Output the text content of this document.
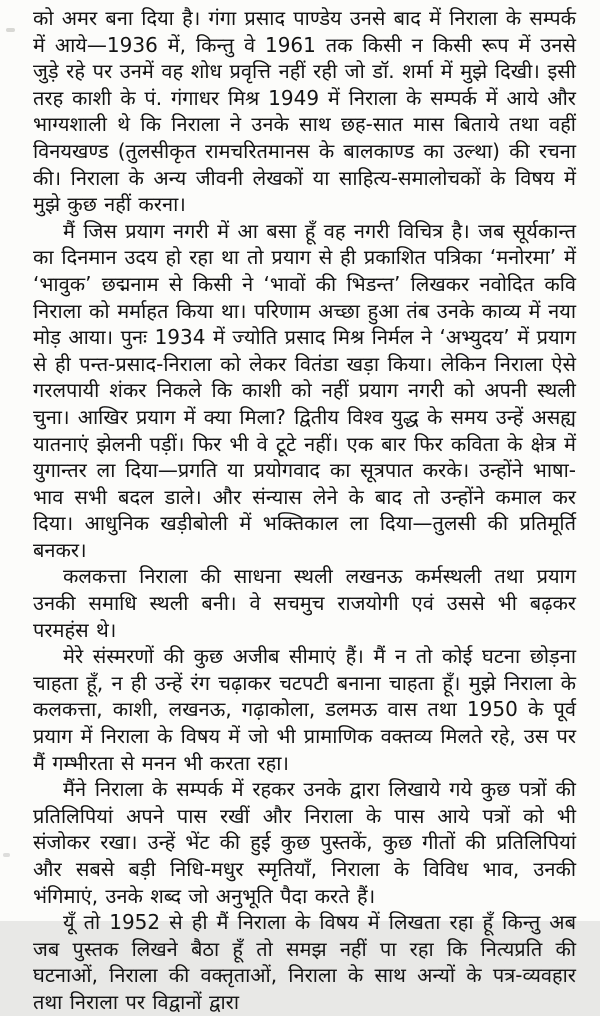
को अमर बना दिया है। गंगा प्रसाद पाण्डेय उनसे बाद में निराला के सम्पर्क में आये—1936 में, किन्तु वे 1961 तक किसी न किसी रूप में उनसे जुड़े रहे पर उनमें वह शोध प्रवृत्ति नहीं रही जो डॉ. शर्मा में मुझे दिखी। इसी तरह काशी के पं. गंगाधर मिश्र 1949 में निराला के सम्पर्क में आये और भाग्यशाली थे कि निराला ने उनके साथ छह-सात मास बिताये तथा वहीं विनयखण्ड (तुलसीकृत रामचरितमानस के बालकाण्ड का उल्था) की रचना की। निराला के अन्य जीवनी लेखकों या साहित्य-समालोचकों के विषय में मुझे कुछ नहीं करना।

मैं जिस प्रयाग नगरी में आ बसा हूँ वह नगरी विचित्र है। जब सूर्यकान्त का दिनमान उदय हो रहा था तो प्रयाग से ही प्रकाशित पत्रिका ‘मनोरमा’ में ‘भावुक’ छद्मनाम से किसी ने ‘भावों की भिडन्त’ लिखकर नवोदित कवि निराला को मर्माहत किया था। परिणाम अच्छा हुआ तंब उनके काव्य में नया मोड़ आया। पुनः 1934 में ज्योति प्रसाद मिश्र निर्मल ने ‘अभ्युदय’ में प्रयाग से ही पन्त-प्रसाद-निराला को लेकर वितंडा खड़ा किया। लेकिन निराला ऐसे गरलपायी शंकर निकले कि काशी को नहीं प्रयाग नगरी को अपनी स्थली चुना। आखिर प्रयाग में क्या मिला? द्वितीय विश्व युद्ध के समय उन्हें असह्य यातनाएं झेलनी पड़ीं। फिर भी वे टूटे नहीं। एक बार फिर कविता के क्षेत्र में युगान्तर ला दिया—प्रगति या प्रयोगवाद का सूत्रपात करके। उन्होंने भाषा-भाव सभी बदल डाले। और संन्यास लेने के बाद तो उन्होंने कमाल कर दिया। आधुनिक खड़ीबोली में भक्तिकाल ला दिया—तुलसी की प्रतिमूर्ति बनकर।

कलकत्ता निराला की साधना स्थली लखनऊ कर्मस्थली तथा प्रयाग उनकी समाधि स्थली बनी। वे सचमुच राजयोगी एवं उससे भी बढ़कर परमहंस थे।

मेरे संस्मरणों की कुछ अजीब सीमाएं हैं। मैं न तो कोई घटना छोड़ना चाहता हूँ, न ही उन्हें रंग चढ़ाकर चटपटी बनाना चाहता हूँ। मुझे निराला के कलकत्ता, काशी, लखनऊ, गढ़ाकोला, डलमऊ वास तथा 1950 के पूर्व प्रयाग में निराला के विषय में जो भी प्रामाणिक वक्तव्य मिलते रहे, उस पर मैं गम्भीरता से मनन भी करता रहा।

मैंने निराला के सम्पर्क में रहकर उनके द्वारा लिखाये गये कुछ पत्रों की प्रतिलिपियां अपने पास रखीं और निराला के पास आये पत्रों को भी संजोकर रखा। उन्हें भेंट की हुई कुछ पुस्तकें, कुछ गीतों की प्रतिलिपियां और सबसे बड़ी निधि-मधुर स्मृतियाँ, निराला के विविध भाव, उनकी भंगिमाएं, उनके शब्द जो अनुभूति पैदा करते हैं।

यूँ तो 1952 से ही मैं निराला के विषय में लिखता रहा हूँ किन्तु अब जब पुस्तक लिखने बैठा हूँ तो समझ नहीं पा रहा कि नित्यप्रति की घटनाओं, निराला की वक्तृताओं, निराला के साथ अन्यों के पत्र-व्यवहार तथा निराला पर विद्वानों द्वारा
